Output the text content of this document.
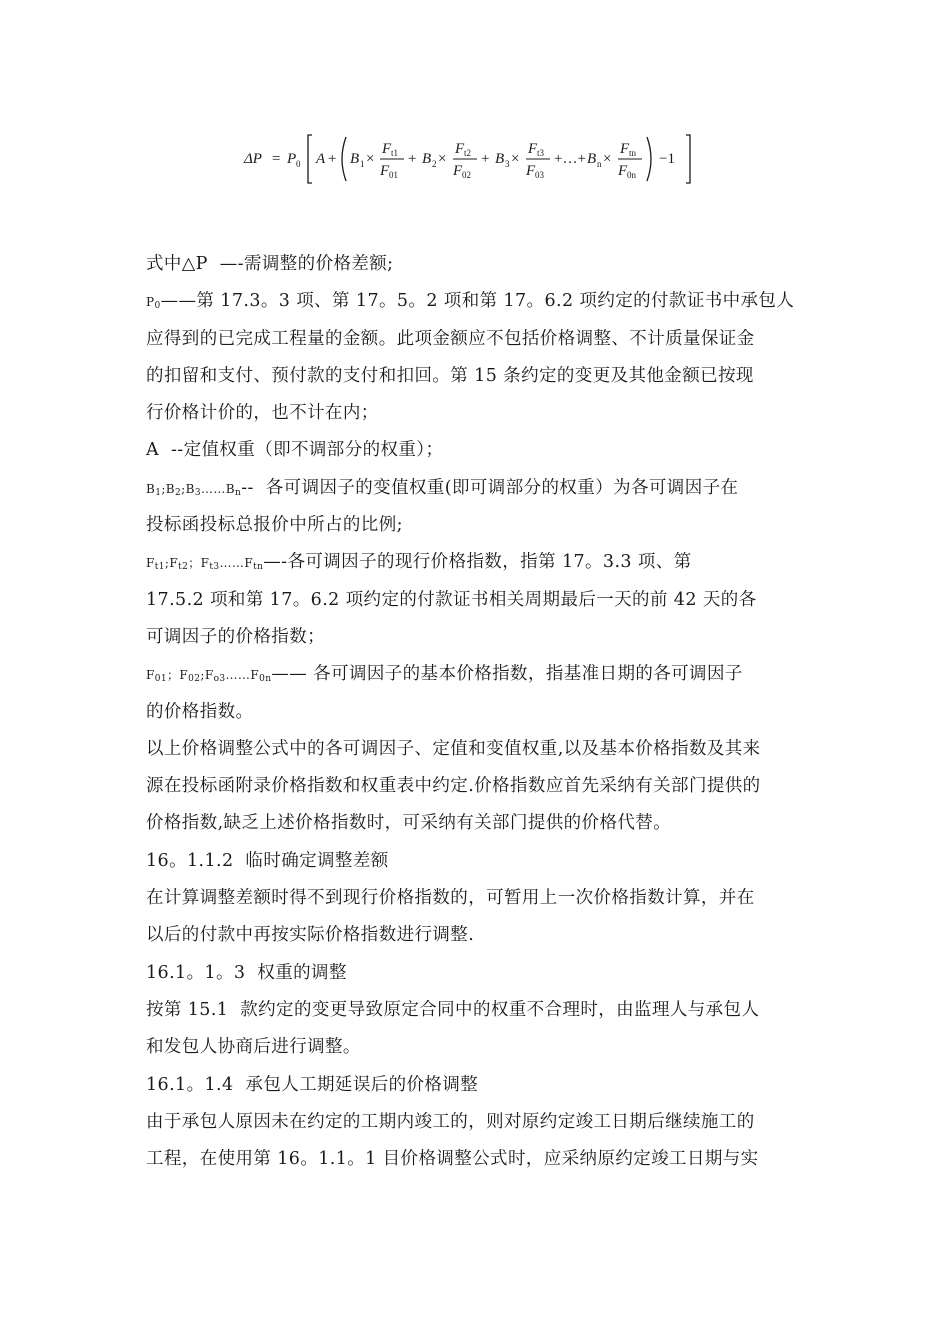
ΔP = P 0 A + B 1 ×
F t1
F 01
+ B 2 ×
F t2
F 02
+ B 3 ×
F t3
F 03
+…+ B n ×
F tn
F 0n
−1
式中△P  —-需调整的价格差额;
$P_0——$第 17.3。3 项、第 17。5。2 项和第 17。6.2 项约定的付款证书中承包人
应得到的已完成工程量的金额。此项金额应不包括价格调整、不计质量保证金
的扣留和支付、预付款的支付和扣回。第 15 条约定的变更及其他金额已按现
行价格计价的，也不计在内；
A  --定值权重（即不调部分的权重）；
$B_1;B_2;B_3\dots\dots B_n--$  各可调因子的变值权重(即可调部分的权重）为各可调因子在
投标函投标总报价中所占的比例;
$F_{t1};F_{t2}$；$F_{t3}\dots\dots F_{tn}—-$各可调因子的现行价格指数，指第 17。3.3 项、第
17.5.2 项和第 17。6.2 项约定的付款证书相关周期最后一天的前 42 天的各
可调因子的价格指数；
$F_{01}$；$F_{02};F_{o3}\dots\dots F_{0n}——$ 各可调因子的基本价格指数，指基准日期的各可调因子
的价格指数。
以上价格调整公式中的各可调因子、定值和变值权重,以及基本价格指数及其来
源在投标函附录价格指数和权重表中约定.价格指数应首先采纳有关部门提供的
价格指数,缺乏上述价格指数时，可采纳有关部门提供的价格代替。
16。1.1.2  临时确定调整差额
在计算调整差额时得不到现行价格指数的，可暂用上一次价格指数计算，并在
以后的付款中再按实际价格指数进行调整.
16.1。1。3  权重的调整
按第 15.1  款约定的变更导致原定合同中的权重不合理时，由监理人与承包人
和发包人协商后进行调整。
16.1。1.4  承包人工期延误后的价格调整
由于承包人原因未在约定的工期内竣工的，则对原约定竣工日期后继续施工的
工程，在使用第 16。1.1。1 目价格调整公式时，应采纳原约定竣工日期与实
